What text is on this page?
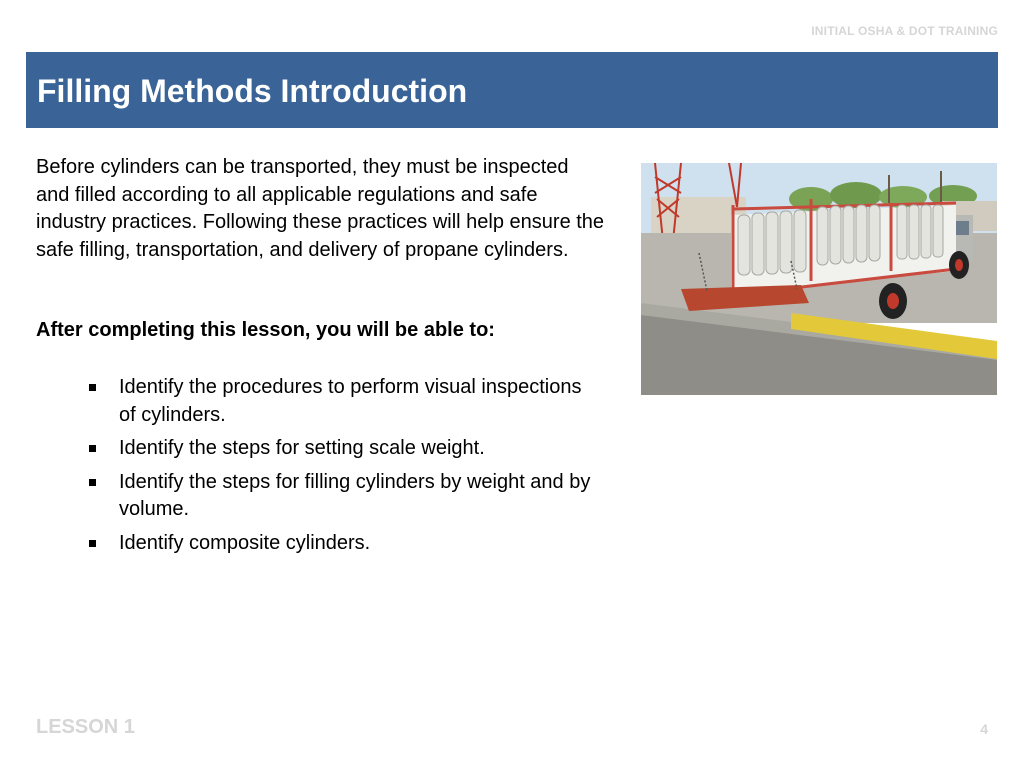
INITIAL OSHA & DOT TRAINING
Filling Methods Introduction

Before cylinders can be transported, they must be inspected and filled according to all applicable regulations and safe industry practices. Following these practices will help ensure the safe filling, transportation, and delivery of propane cylinders.

After completing this lesson, you will be able to:

Identify the procedures to perform visual inspections of cylinders.
Identify the steps for setting scale weight.
Identify the steps for filling cylinders by weight and by volume.
Identify composite cylinders.
LESSON 1	4
